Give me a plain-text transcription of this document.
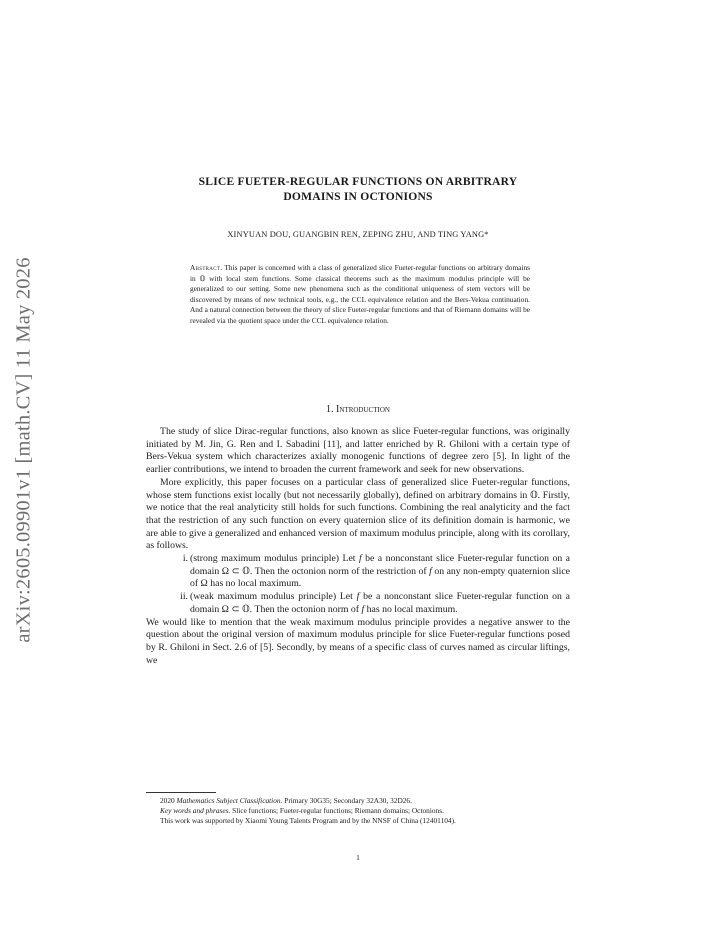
arXiv:2605.09901v1 [math.CV] 11 May 2026
SLICE FUETER-REGULAR FUNCTIONS ON ARBITRARY
DOMAINS IN OCTONIONS
XINYUAN DOU, GUANGBIN REN, ZEPING ZHU, AND TING YANG*
Abstract. This paper is concerned with a class of generalized slice Fueter-regular functions on arbitrary domains in 𝕆 with local stem functions. Some classical theorems such as the maximum modulus principle will be generalized to our setting. Some new phenomena such as the conditional uniqueness of stem vectors will be discovered by means of new technical tools, e.g., the CCL equivalence relation and the Bers-Vekua continuation. And a natural connection between the theory of slice Fueter-regular functions and that of Riemann domains will be revealed via the quotient space under the CCL equivalence relation.
1. Introduction

The study of slice Dirac-regular functions, also known as slice Fueter-regular functions, was originally initiated by M. Jin, G. Ren and I. Sabadini [11], and latter enriched by R. Ghiloni with a certain type of Bers-Vekua system which characterizes axially monogenic functions of degree zero [5]. In light of the earlier contributions, we intend to broaden the current framework and seek for new observations.

More explicitly, this paper focuses on a particular class of generalized slice Fueter-regular functions, whose stem functions exist locally (but not necessarily globally), defined on arbitrary domains in 𝕆. Firstly, we notice that the real analyticity still holds for such functions. Combining the real analyticity and the fact that the restriction of any such function on every quaternion slice of its definition domain is harmonic, we are able to give a generalized and enhanced version of maximum modulus principle, along with its corollary, as follows.

i. (strong maximum modulus principle) Let f be a nonconstant slice Fueter-regular function on a domain Ω ⊂ 𝕆. Then the octonion norm of the restriction of f on any non-empty quaternion slice of Ω has no local maximum.
ii. (weak maximum modulus principle) Let f be a nonconstant slice Fueter-regular function on a domain Ω ⊂ 𝕆. Then the octonion norm of f has no local maximum.

We would like to mention that the weak maximum modulus principle provides a negative answer to the question about the original version of maximum modulus principle for slice Fueter-regular functions posed by R. Ghiloni in Sect. 2.6 of [5]. Secondly, by means of a specific class of curves named as circular liftings, we

2020 Mathematics Subject Classification. Primary 30G35; Secondary 32A30, 32D26.

Key words and phrases. Slice functions; Fueter-regular functions; Riemann domains; Octonions.

This work was supported by Xiaomi Young Talents Program and by the NNSF of China (12401104).

1
